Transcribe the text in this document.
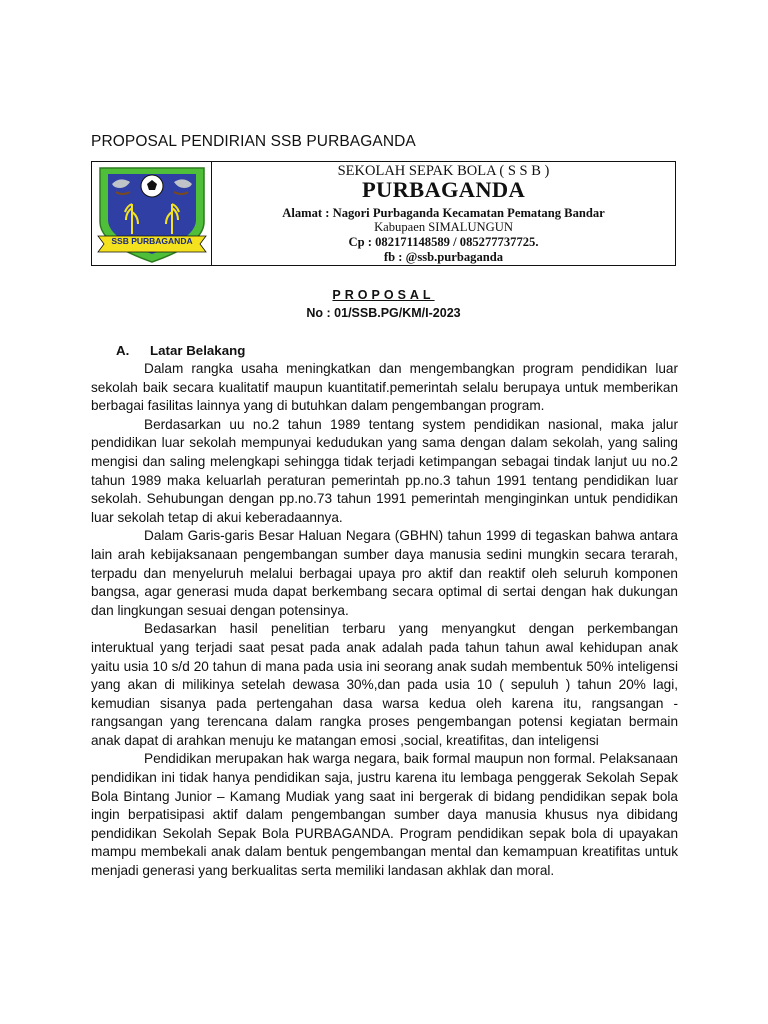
PROPOSAL PENDIRIAN SSB PURBAGANDA
SSB PURBAGANDA
SEKOLAH SEPAK BOLA ( S S B )
PURBAGANDA
Alamat : Nagori Purbaganda Kecamatan Pematang Bandar
Kabupaen SIMALUNGUN
Cp : 082171148589 / 085277737725.
fb : @ssb.purbaganda
PROPOSAL
No : 01/SSB.PG/KM/I-2023
A. Latar Belakang

Dalam rangka usaha meningkatkan dan mengembangkan program pendidikan luar sekolah baik secara kualitatif maupun kuantitatif.pemerintah selalu berupaya untuk memberikan berbagai fasilitas lainnya yang di butuhkan dalam pengembangan program.

Berdasarkan uu no.2 tahun 1989 tentang system pendidikan nasional, maka jalur pendidikan luar sekolah mempunyai kedudukan yang sama dengan dalam sekolah, yang saling mengisi dan saling melengkapi sehingga tidak terjadi ketimpangan sebagai tindak lanjut uu no.2 tahun 1989 maka keluarlah peraturan pemerintah pp.no.3 tahun 1991 tentang pendidikan luar sekolah. Sehubungan dengan pp.no.73 tahun 1991 pemerintah menginginkan untuk pendidikan luar sekolah tetap di akui keberadaannya.

Dalam Garis-garis Besar Haluan Negara (GBHN) tahun 1999 di tegaskan bahwa antara lain arah kebijaksanaan pengembangan sumber daya manusia sedini mungkin secara terarah, terpadu dan menyeluruh melalui berbagai upaya pro aktif dan reaktif oleh seluruh komponen bangsa, agar generasi muda dapat berkembang secara optimal di sertai dengan hak dukungan dan lingkungan sesuai dengan potensinya.

Bedasarkan hasil penelitian terbaru yang menyangkut dengan perkembangan interuktual yang terjadi saat pesat pada anak adalah pada tahun tahun awal kehidupan anak yaitu usia 10 s/d 20 tahun di mana pada usia ini seorang anak sudah membentuk 50% inteligensi yang akan di milikinya setelah dewasa 30%,dan pada usia 10 ( sepuluh ) tahun 20% lagi, kemudian sisanya pada pertengahan dasa warsa kedua oleh karena itu, rangsangan - rangsangan yang terencana dalam rangka proses pengembangan potensi kegiatan bermain anak dapat di arahkan menuju ke matangan emosi ,social, kreatifitas, dan inteligensi

Pendidikan merupakan hak warga negara, baik formal maupun non formal. Pelaksanaan pendidikan ini tidak hanya pendidikan saja, justru karena itu lembaga penggerak Sekolah Sepak Bola Bintang Junior – Kamang Mudiak yang saat ini bergerak di bidang pendidikan sepak bola ingin berpatisipasi aktif dalam pengembangan sumber daya manusia khusus nya dibidang pendidikan Sekolah Sepak Bola PURBAGANDA. Program pendidikan sepak bola di upayakan mampu membekali anak dalam bentuk pengembangan mental dan kemampuan kreatifitas untuk menjadi generasi yang berkualitas serta memiliki landasan akhlak dan moral.
